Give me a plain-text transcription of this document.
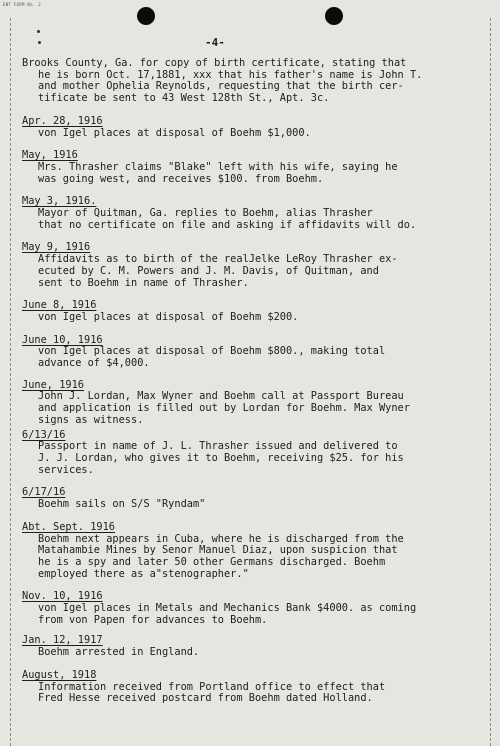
ENT FORM No. 2
-4-
Brooks County, Ga. for copy of birth certificate, stating that
he is born Oct. 17,1881, xxx that his father's name is John T.
and mother Ophelia Reynolds, requesting that the birth cer-
tificate be sent to 43 West 128th St., Apt. 3c.
Apr. 28, 1916
von Igel places at disposal of Boehm $1,000.
May, 1916
Mrs. Thrasher claims "Blake" left with his wife, saying he
was going west, and receives $100. from Boehm.
May 3, 1916.
Mayor of Quitman, Ga. replies to Boehm, alias Thrasher
that no certificate on file and asking if affidavits will do.
May 9, 1916
Affidavits as to birth of the realJelke LeRoy Thrasher ex-
ecuted by C. M. Powers and J. M. Davis, of Quitman, and
sent to Boehm in name of Thrasher.
June 8, 1916
von Igel places at disposal of Boehm $200.
June 10, 1916
von Igel places at disposal of Boehm $800., making total
advance of $4,000.
June, 1916
John J. Lordan, Max Wyner and Boehm call at Passport Bureau
and application is filled out by Lordan for Boehm. Max Wyner
signs as witness.
6/13/16
Passport in name of J. L. Thrasher issued and delivered to
J. J. Lordan, who gives it to Boehm, receiving $25. for his
services.
6/17/16
Boehm sails on S/S "Ryndam"
Abt. Sept. 1916
Boehm next appears in Cuba, where he is discharged from the
Matahambie Mines by Senor Manuel Diaz, upon suspicion that
he is a spy and later 50 other Germans discharged. Boehm
employed there as a"stenographer."
Nov. 10, 1916
von Igel places in Metals and Mechanics Bank $4000. as coming
from von Papen for advances to Boehm.
Jan. 12, 1917
Boehm arrested in England.
August, 1918
Information received from Portland office to effect that
Fred Hesse received postcard from Boehm dated Holland.
